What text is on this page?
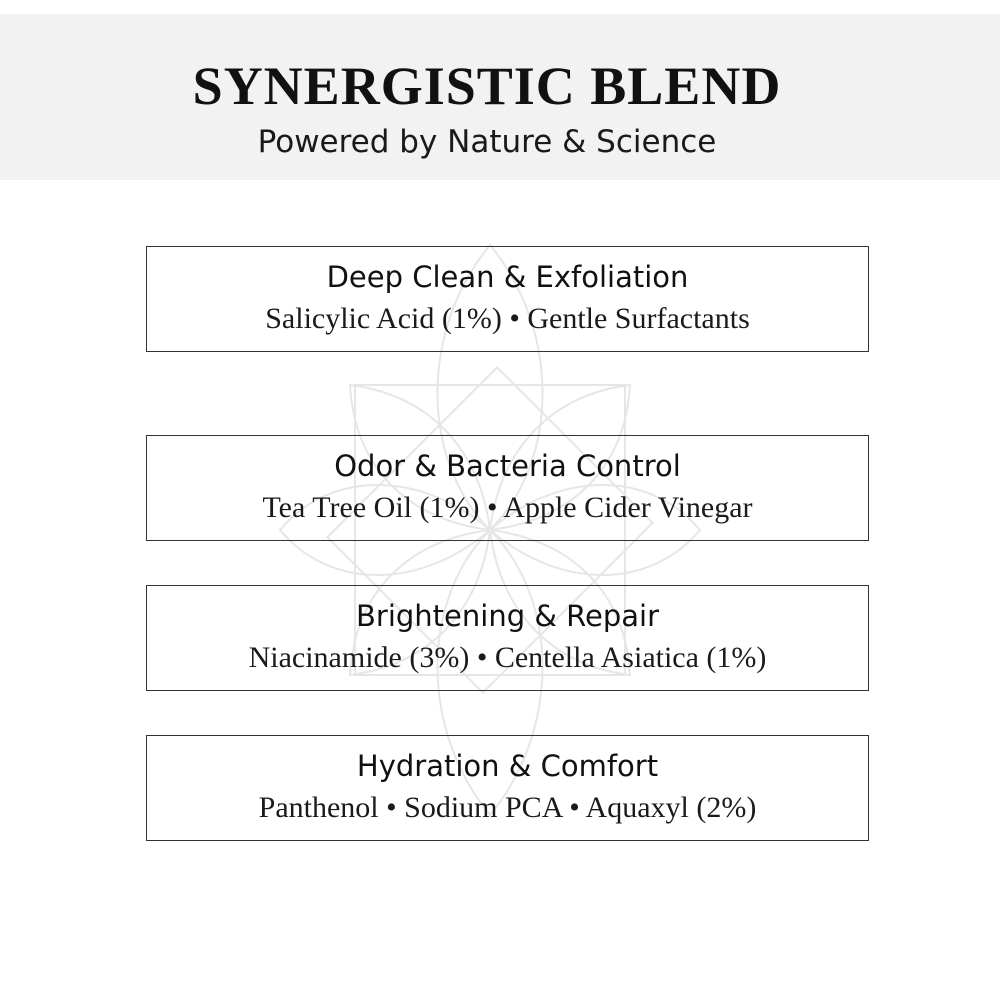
SYNERGISTIC BLEND

Powered by Nature & Science

Deep Clean & Exfoliation
Salicylic Acid (1%) • Gentle Surfactants
Odor & Bacteria Control
Tea Tree Oil (1%) • Apple Cider Vinegar
Brightening & Repair
Niacinamide (3%) • Centella Asiatica (1%)
Hydration & Comfort
Panthenol • Sodium PCA • Aquaxyl (2%)
